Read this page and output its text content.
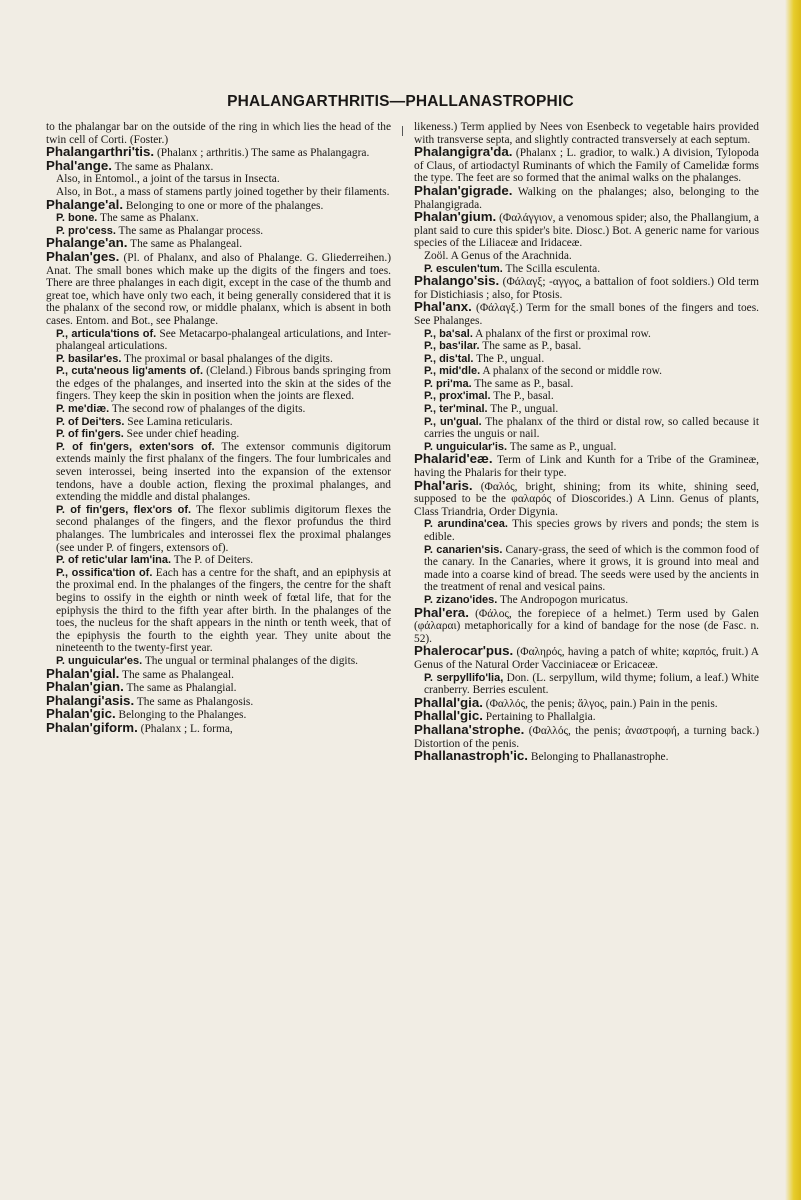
PHALANGARTHRITIS—PHALLANASTROPHIC

to the phalangar bar on the outside of the ring in which lies the head of the twin cell of Corti. (Foster.)

Phalangarthri'tis. (Phalanx ; arthritis.) The same as Phalangagra.

Phal'ange. The same as Phalanx.

Also, in Entomol., a joint of the tarsus in Insecta.

Also, in Bot., a mass of stamens partly joined together by their filaments.

Phalange'al. Belonging to one or more of the phalanges.

P. bone. The same as Phalanx.

P. pro'cess. The same as Phalangar process.

Phalange'an. The same as Phalangeal.

Phalan'ges. (Pl. of Phalanx, and also of Phalange. G. Gliederreihen.) Anat. The small bones which make up the digits of the fingers and toes. There are three phalanges in each digit, except in the case of the thumb and great toe, which have only two each, it being generally considered that it is the phalanx of the second row, or middle phalanx, which is absent in both cases. Entom. and Bot., see Phalange.

P., articula'tions of. See Metacarpo-phalangeal articulations, and Inter-phalangeal articulations.

P. basilar'es. The proximal or basal phalanges of the digits.

P., cuta'neous lig'aments of. (Cleland.) Fibrous bands springing from the edges of the phalanges, and inserted into the skin at the sides of the fingers. They keep the skin in position when the joints are flexed.

P. me'diæ. The second row of phalanges of the digits.

P. of Dei'ters. See Lamina reticularis.

P. of fin'gers. See under chief heading.

P. of fin'gers, exten'sors of. The extensor communis digitorum extends mainly the first phalanx of the fingers. The four lumbricales and seven interossei, being inserted into the expansion of the extensor tendons, have a double action, flexing the proximal phalanges, and extending the middle and distal phalanges.

P. of fin'gers, flex'ors of. The flexor sublimis digitorum flexes the second phalanges of the fingers, and the flexor profundus the third phalanges. The lumbricales and interossei flex the proximal phalanges (see under P. of fingers, extensors of).

P. of retic'ular lam'ina. The P. of Deiters.

P., ossifica'tion of. Each has a centre for the shaft, and an epiphysis at the proximal end. In the phalanges of the fingers, the centre for the shaft begins to ossify in the eighth or ninth week of fœtal life, that for the epiphysis the third to the fifth year after birth. In the phalanges of the toes, the nucleus for the shaft appears in the ninth or tenth week, that of the epiphysis the fourth to the eighth year. They unite about the nineteenth to the twenty-first year.

P. unguicular'es. The ungual or terminal phalanges of the digits.

Phalan'gial. The same as Phalangeal.

Phalan'gian. The same as Phalangial.

Phalangi'asis. The same as Phalangosis.

Phalan'gic. Belonging to the Phalanges.

Phalan'giform. (Phalanx ; L. forma,

likeness.) Term applied by Nees von Esenbeck to vegetable hairs provided with transverse septa, and slightly contracted transversely at each septum.

Phalangigra'da. (Phalanx ; L. gradior, to walk.) A division, Tylopoda of Claus, of artiodactyl Ruminants of which the Family of Camelidæ forms the type. The feet are so formed that the animal walks on the phalanges.

Phalan'gigrade. Walking on the phalanges; also, belonging to the Phalangigrada.

Phalan'gium. (Φαλάγγιον, a venomous spider; also, the Phallangium, a plant said to cure this spider's bite. Diosc.) Bot. A generic name for various species of the Liliaceæ and Iridaceæ.

Zoöl. A Genus of the Arachnida.

P. esculen'tum. The Scilla esculenta.

Phalango'sis. (Φάλαγξ; -αγγος, a battalion of foot soldiers.) Old term for Distichiasis ; also, for Ptosis.

Phal'anx. (Φάλαγξ.) Term for the small bones of the fingers and toes. See Phalanges.

P., ba'sal. A phalanx of the first or proximal row.

P., bas'ilar. The same as P., basal.

P., dis'tal. The P., ungual.

P., mid'dle. A phalanx of the second or middle row.

P. pri'ma. The same as P., basal.

P., prox'imal. The P., basal.

P., ter'minal. The P., ungual.

P., un'gual. The phalanx of the third or distal row, so called because it carries the unguis or nail.

P. unguicular'is. The same as P., ungual.

Phalarid'eæ. Term of Link and Kunth for a Tribe of the Gramineæ, having the Phalaris for their type.

Phal'aris. (Φαλός, bright, shining; from its white, shining seed, supposed to be the φαλαρός of Dioscorides.) A Linn. Genus of plants, Class Triandria, Order Digynia.

P. arundina'cea. This species grows by rivers and ponds; the stem is edible.

P. canarien'sis. Canary-grass, the seed of which is the common food of the canary. In the Canaries, where it grows, it is ground into meal and made into a coarse kind of bread. The seeds were used by the ancients in the treatment of renal and vesical pains.

P. zizano'ides. The Andropogon muricatus.

Phal'era. (Φάλος, the forepiece of a helmet.) Term used by Galen (φάλαραι) metaphorically for a kind of bandage for the nose (de Fasc. n. 52).

Phalerocar'pus. (Φαληρός, having a patch of white; καρπός, fruit.) A Genus of the Natural Order Vacciniaceæ or Ericaceæ.

P. serpyllifo'lia, Don. (L. serpyllum, wild thyme; folium, a leaf.) White cranberry. Berries esculent.

Phallal'gia. (Φαλλός, the penis; ἄλγος, pain.) Pain in the penis.

Phallal'gic. Pertaining to Phallalgia.

Phallana'strophe. (Φαλλός, the penis; ἀναστροφή, a turning back.) Distortion of the penis.

Phallanastroph'ic. Belonging to Phallanastrophe.
